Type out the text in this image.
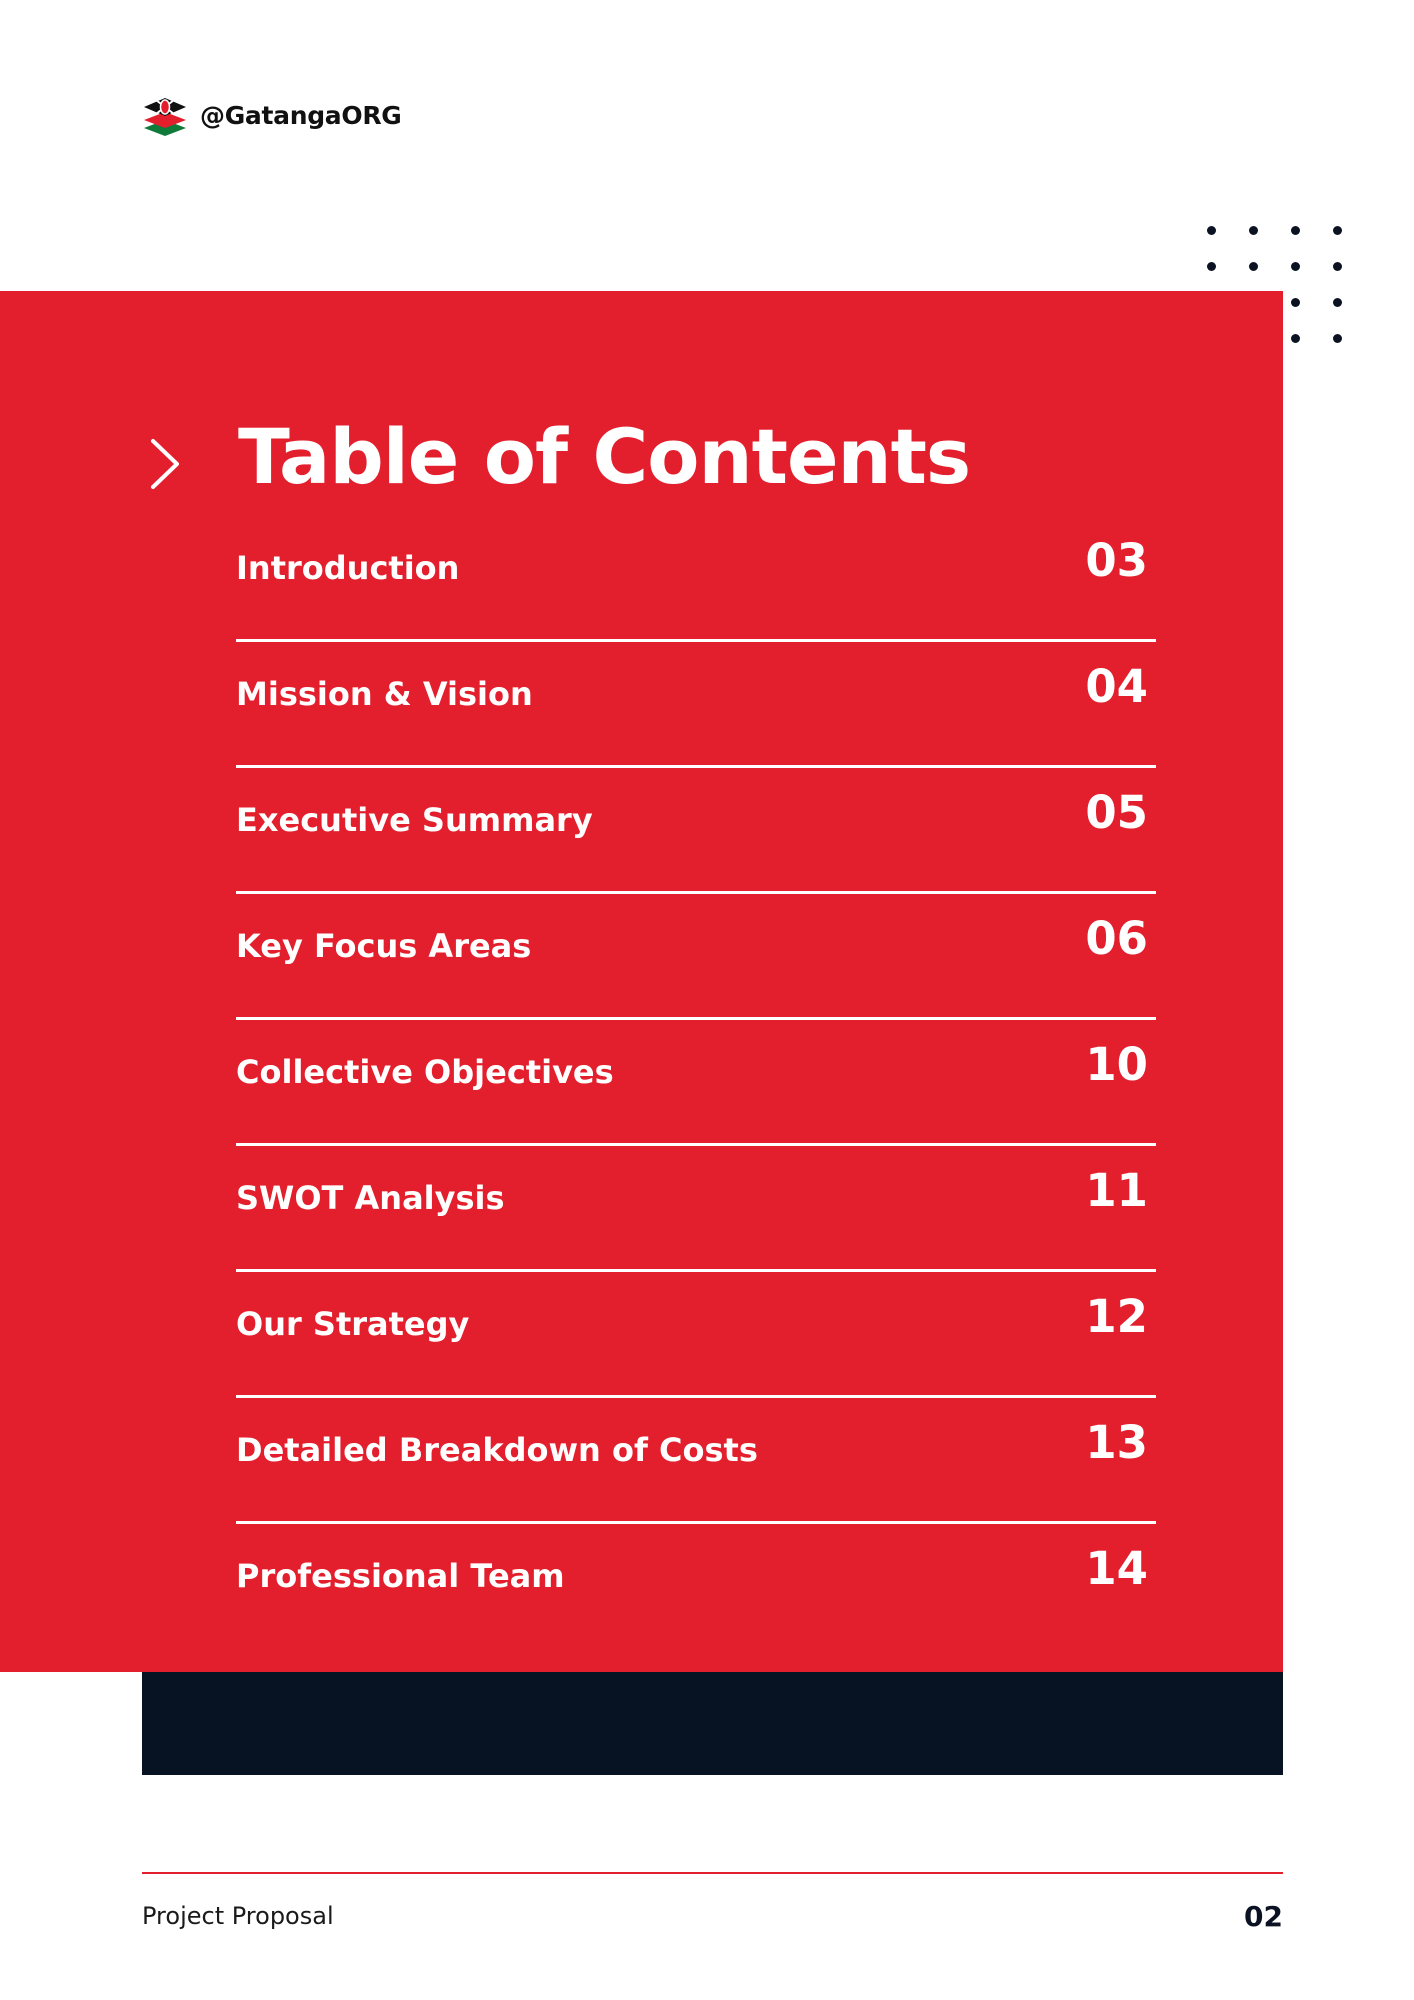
@GatangaORG
Table of Contents
Introduction	03
Mission & Vision	04
Executive Summary	05
Key Focus Areas	06
Collective Objectives	10
SWOT Analysis	11
Our Strategy	12
Detailed Breakdown of Costs	13
Professional Team	14
Project Proposal	02
